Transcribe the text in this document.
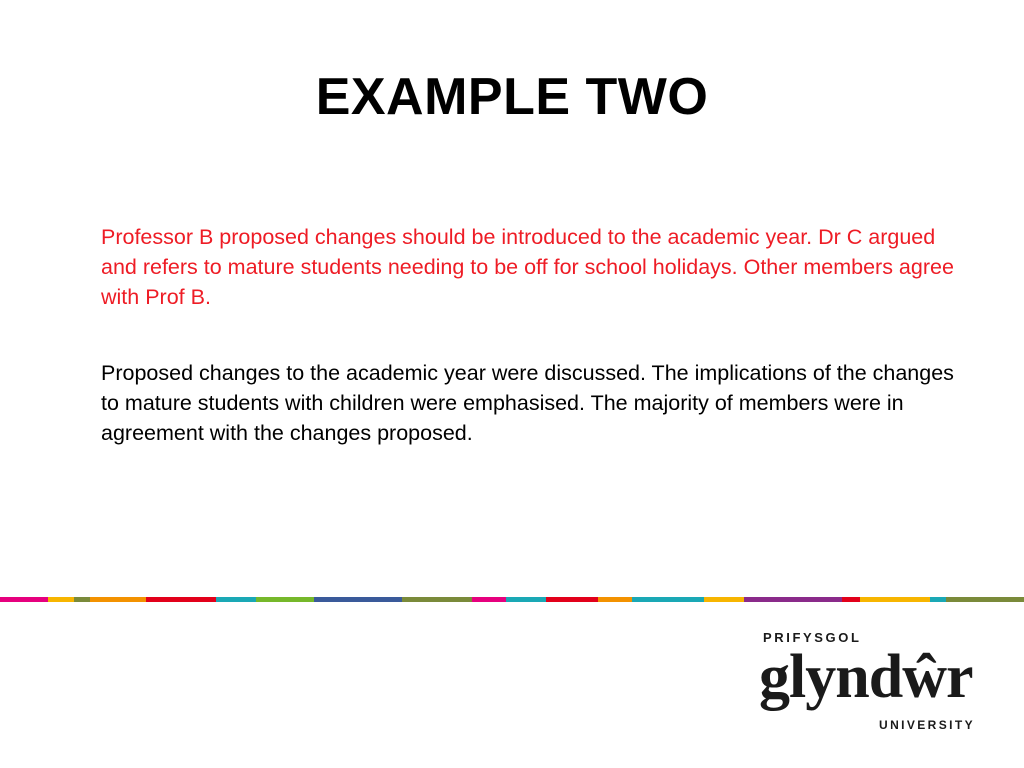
EXAMPLE TWO

Professor B proposed changes should be introduced to the academic year. Dr C argued and refers to mature students needing to be off for school holidays. Other members agree with Prof B.

Proposed changes to the academic year were discussed. The implications of the changes to mature students with children were emphasised. The majority of members were in agreement with the changes proposed.

PRIFYSGOL
glyndŵr
UNIVERSITY
